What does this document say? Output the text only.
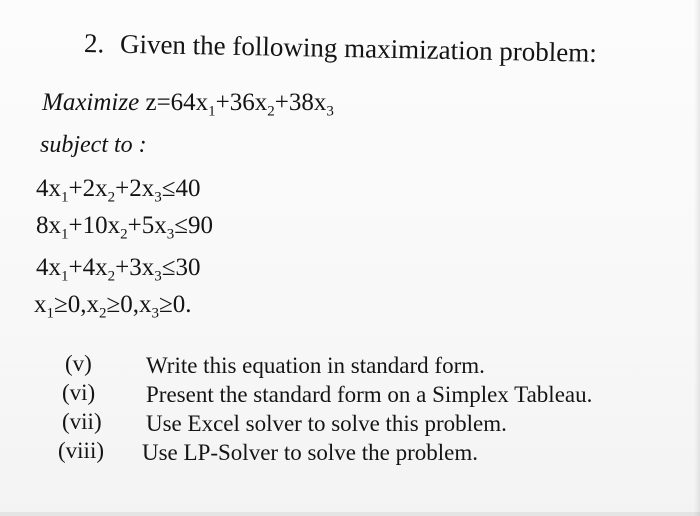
2. Given the following maximization problem:
Maximize $z=64x_1+36x_2+38x_3$
subject to :
$4x_1+2x_2+2x_3\le 40$
$8x_1+10x_2+5x_3\le 90$
$4x_1+4x_2+3x_3\le 30$
$x_1\ge 0,x_2\ge 0,x_3\ge 0$.
(v) Write this equation in standard form.
(vi) Present the standard form on a Simplex Tableau.
(vii) Use Excel solver to solve this problem.
(viii) Use LP-Solver to solve the problem.
